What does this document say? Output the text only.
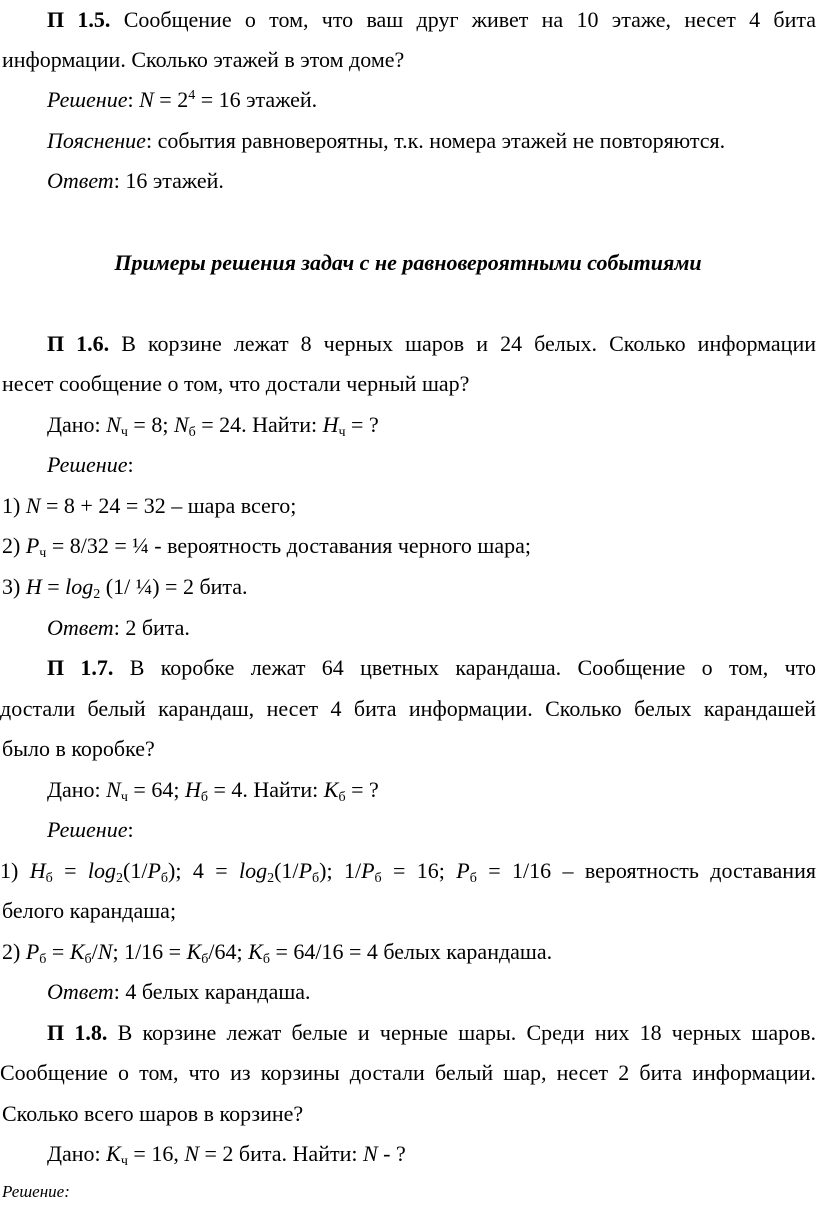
П 1.5. Сообщение о том, что ваш друг живет на 10 этаже, несет 4 бита
информации. Сколько этажей в этом доме?
Решение: $N = 2^4 = 16$ этажей.
Пояснение: события равновероятны, т.к. номера этажей не повторяются.
Ответ: 16 этажей.
Примеры решения задач с не равновероятными событиями
П 1.6. В корзине лежат 8 черных шаров и 24 белых. Сколько информации
несет сообщение о том, что достали черный шар?
Дано: $N_ч = 8$; $N_б = 24$. Найти: $H_ч$ = ?
Решение:
1) N = 8 + 24 = 32 – шара всего;
2) $P_ч = 8/32$ = ¼ - вероятность доставания черного шара;
3) $H = \log_2 (1/$ ¼) = 2 бита.
Ответ: 2 бита.
П 1.7. В коробке лежат 64 цветных карандаша. Сообщение о том, что
достали белый карандаш, несет 4 бита информации. Сколько белых карандашей
было в коробке?
Дано: $N_ч = 64$; $H_б = 4$. Найти: $K_б$ = ?
Решение:
1) $H_б = \log_2(1/P_б)$; $4 = \log_2(1/P_б)$; $1/P_б = 16$; $P_б = 1/16$ – вероятность доставания
белого карандаша;
2) $P_б = K_б/N$; $1/16 = K_б/64$; $K_б = 64/16 = 4$ белых карандаша.
Ответ: 4 белых карандаша.
П 1.8. В корзине лежат белые и черные шары. Среди них 18 черных шаров.
Сообщение о том, что из корзины достали белый шар, несет 2 бита информации.
Сколько всего шаров в корзине?
Дано: $K_ч = 16$, N = 2 бита. Найти: N - ?
Решение:
